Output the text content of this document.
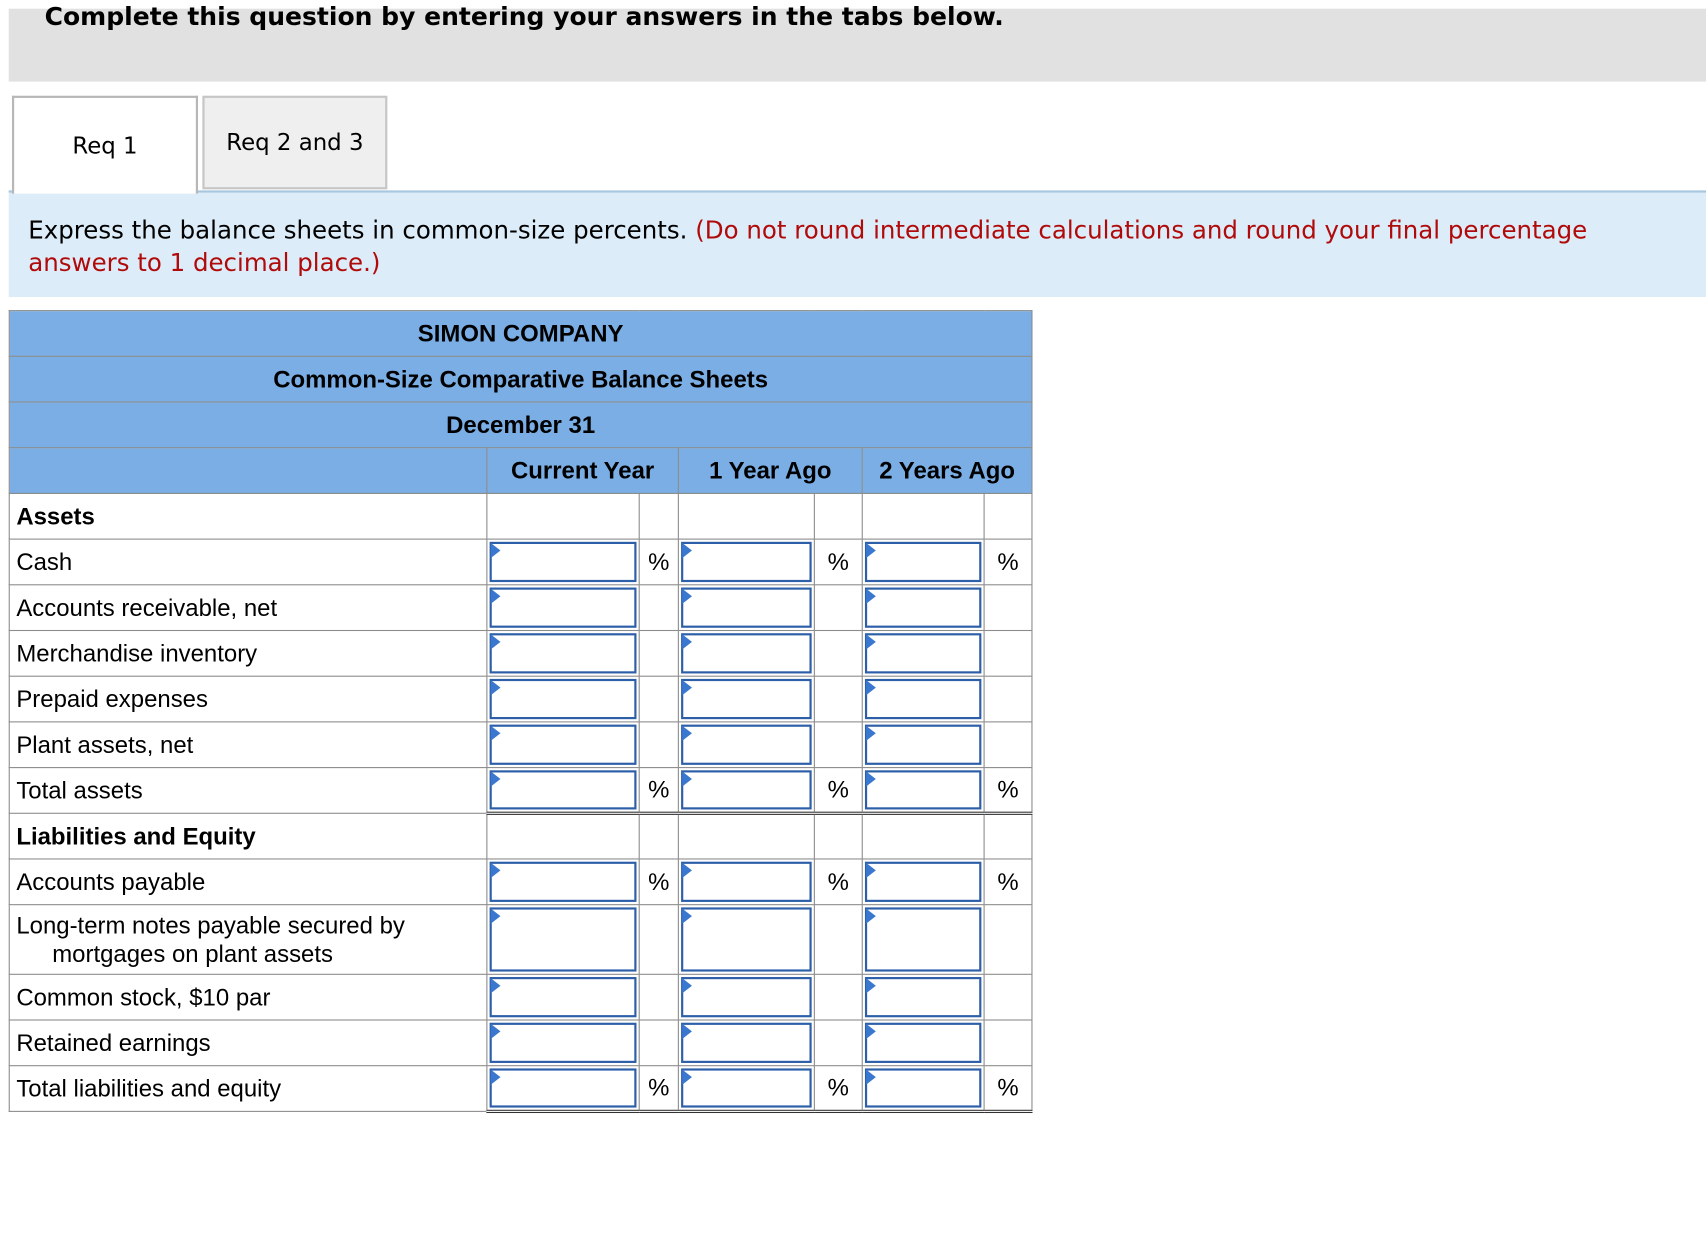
Complete this question by entering your answers in the tabs below.
Req 1	Req 2 and 3
Express the balance sheets in common-size percents. (Do not round intermediate calculations and round your final percentage answers to 1 decimal place.)
SIMON COMPANY						
Common-Size Comparative Balance Sheets						
December 31						
	Current Year		1 Year Ago		2 Years Ago	
Assets						
Cash		%		%		%
Accounts receivable, net	

Merchandise inventory	

Prepaid expenses	

Plant assets, net	

Total assets		%		%		%
Liabilities and Equity						
Accounts payable		%		%		%

Long-term notes payable secured by
mortgages on plant assets						

Common stock, $10 par	

Retained earnings	

Total liabilities and equity		%		%		%
